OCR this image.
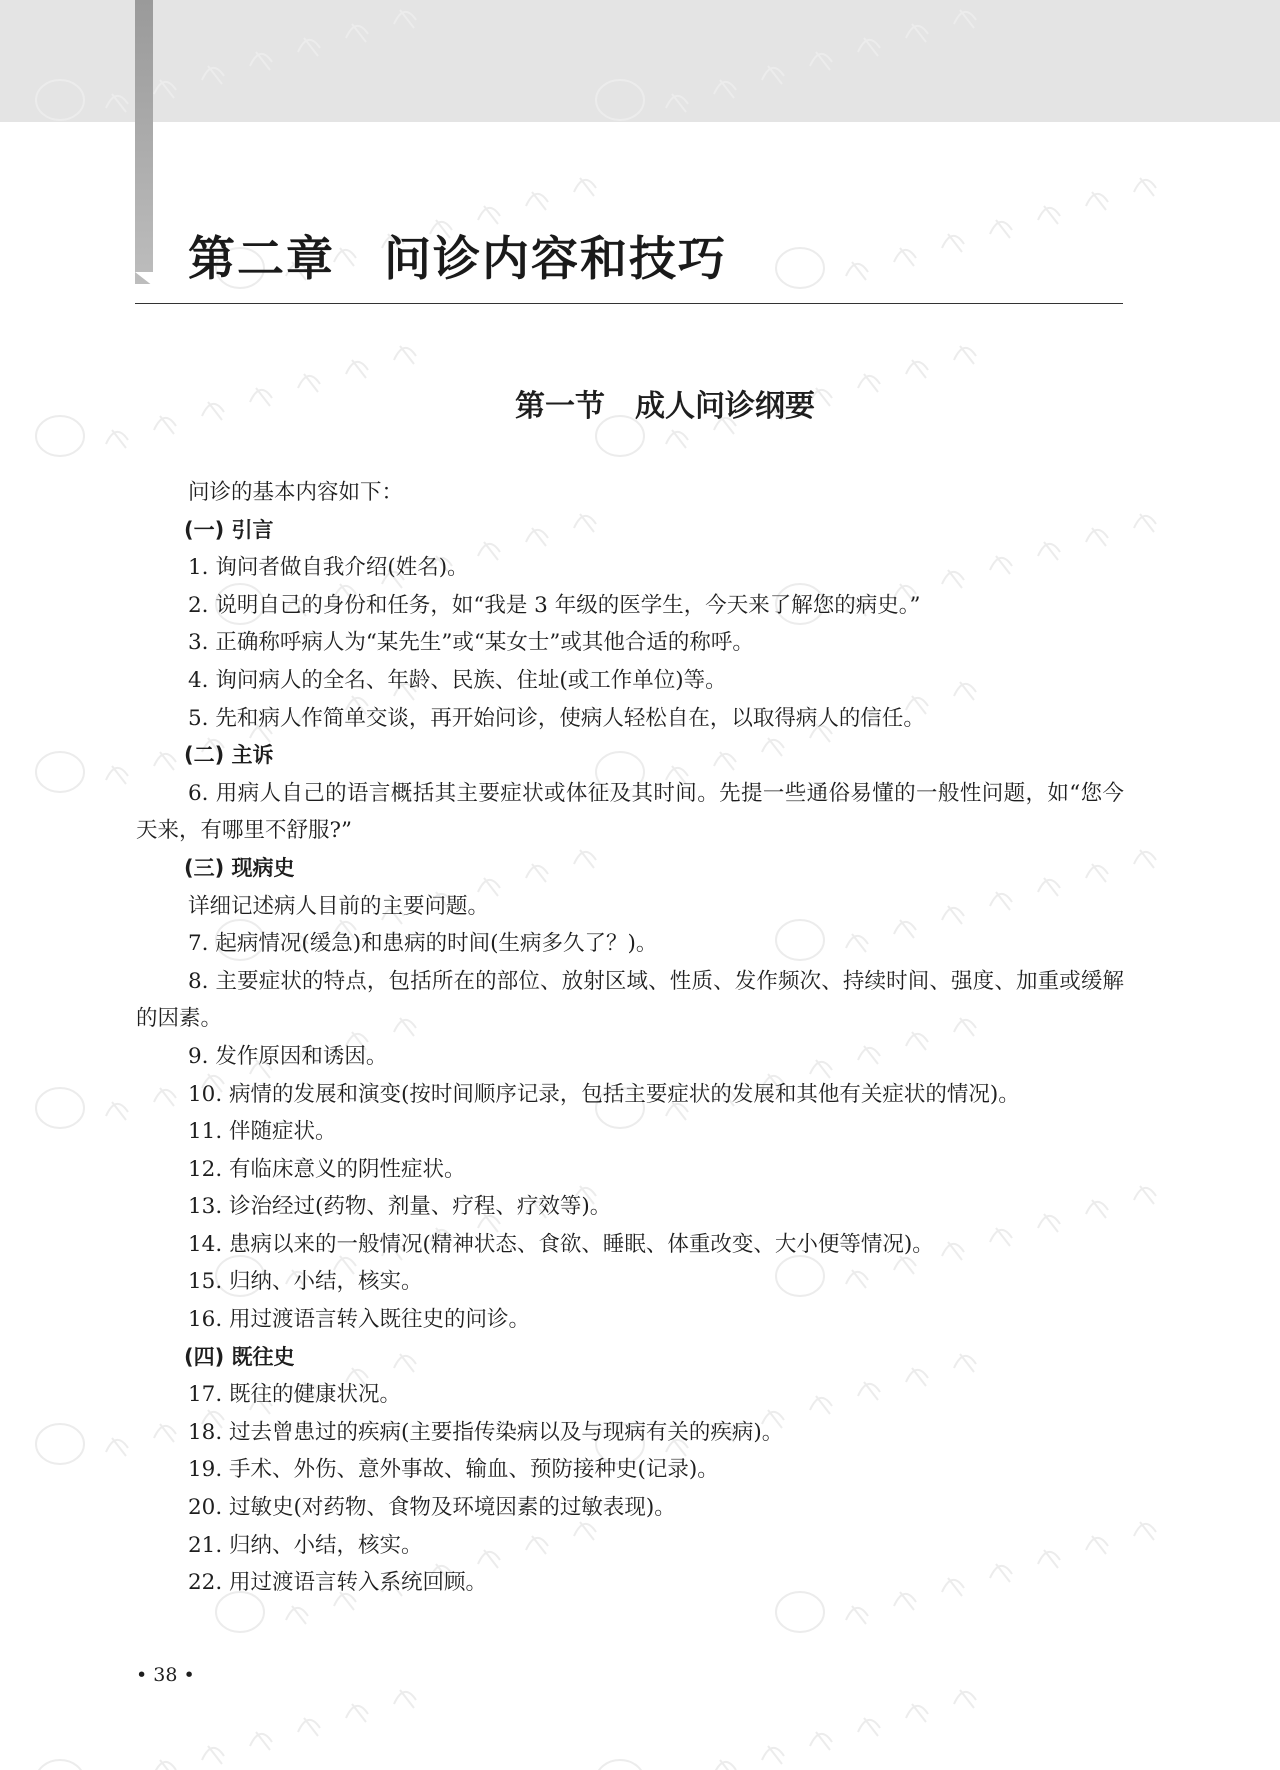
第二章　问诊内容和技巧
第一节　成人问诊纲要

问诊的基本内容如下：

(一) 引言

1. 询问者做自我介绍(姓名)。

2. 说明自己的身份和任务，如“我是 3 年级的医学生，今天来了解您的病史。”

3. 正确称呼病人为“某先生”或“某女士”或其他合适的称呼。

4. 询问病人的全名、年龄、民族、住址(或工作单位)等。

5. 先和病人作简单交谈，再开始问诊，使病人轻松自在，以取得病人的信任。

(二) 主诉

6. 用病人自己的语言概括其主要症状或体征及其时间。先提一些通俗易懂的一般性问题，如“您今天来，有哪里不舒服?”

(三) 现病史

详细记述病人目前的主要问题。

7. 起病情况(缓急)和患病的时间(生病多久了？)。

8. 主要症状的特点，包括所在的部位、放射区域、性质、发作频次、持续时间、强度、加重或缓解的因素。

9. 发作原因和诱因。

10. 病情的发展和演变(按时间顺序记录，包括主要症状的发展和其他有关症状的情况)。

11. 伴随症状。

12. 有临床意义的阴性症状。

13. 诊治经过(药物、剂量、疗程、疗效等)。

14. 患病以来的一般情况(精神状态、食欲、睡眠、体重改变、大小便等情况)。

15. 归纳、小结，核实。

16. 用过渡语言转入既往史的问诊。

(四) 既往史

17. 既往的健康状况。

18. 过去曾患过的疾病(主要指传染病以及与现病有关的疾病)。

19. 手术、外伤、意外事故、输血、预防接种史(记录)。

20. 过敏史(对药物、食物及环境因素的过敏表现)。

21. 归纳、小结，核实。

22. 用过渡语言转入系统回顾。

• 38 •
